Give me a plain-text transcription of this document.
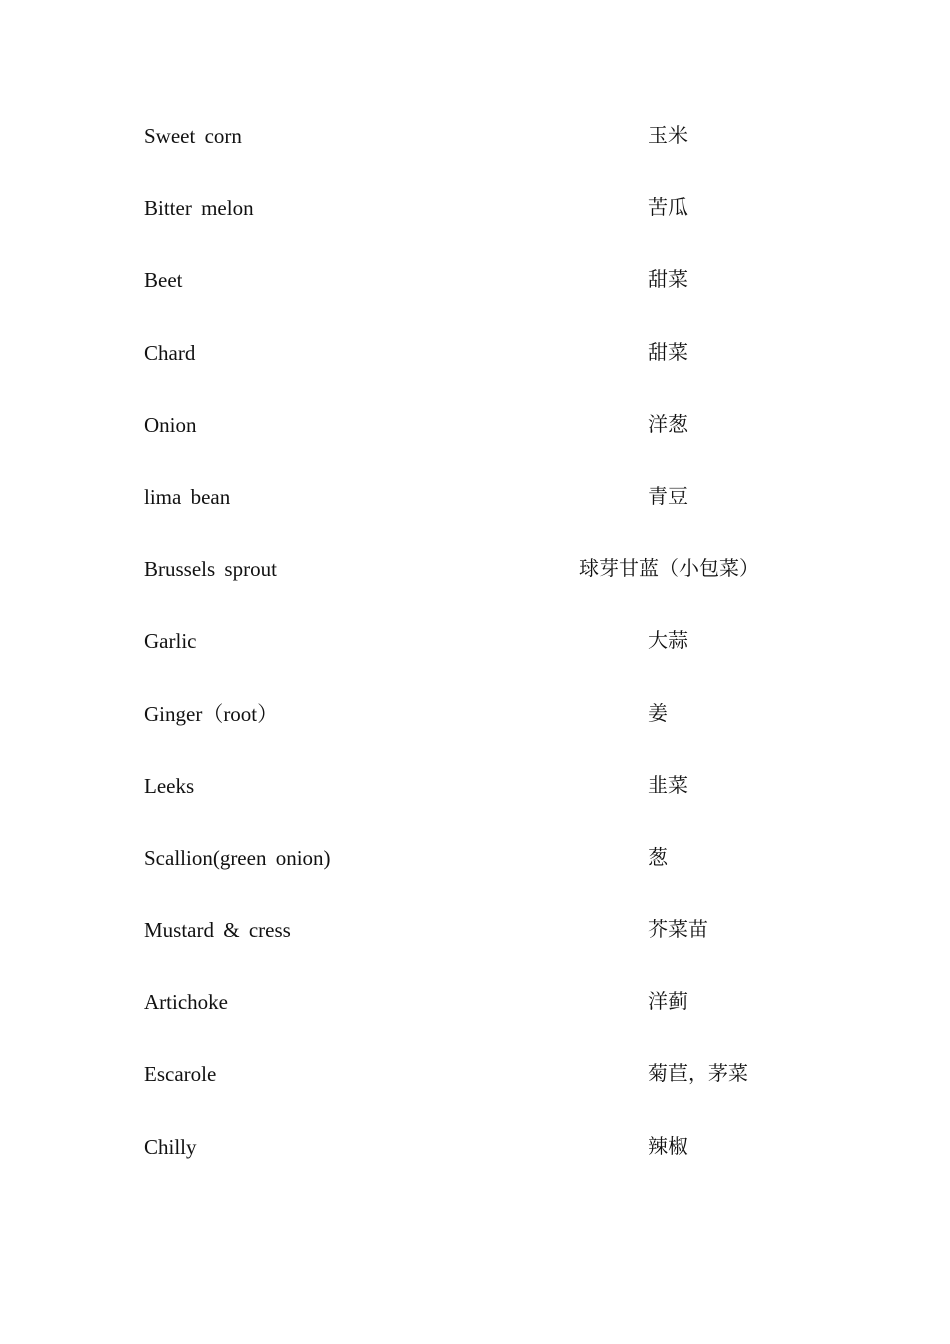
Sweet corn	玉米
Bitter melon	苦瓜
Beet	甜菜
Chard	甜菜
Onion	洋葱
lima bean	青豆
Brussels sprout	球芽甘蓝（小包菜）
Garlic	大蒜
Ginger（root）	姜
Leeks	韭菜
Scallion(green onion)	葱
Mustard & cress	芥菜苗
Artichoke	洋蓟
Escarole	菊苣，茅菜
Chilly	辣椒
